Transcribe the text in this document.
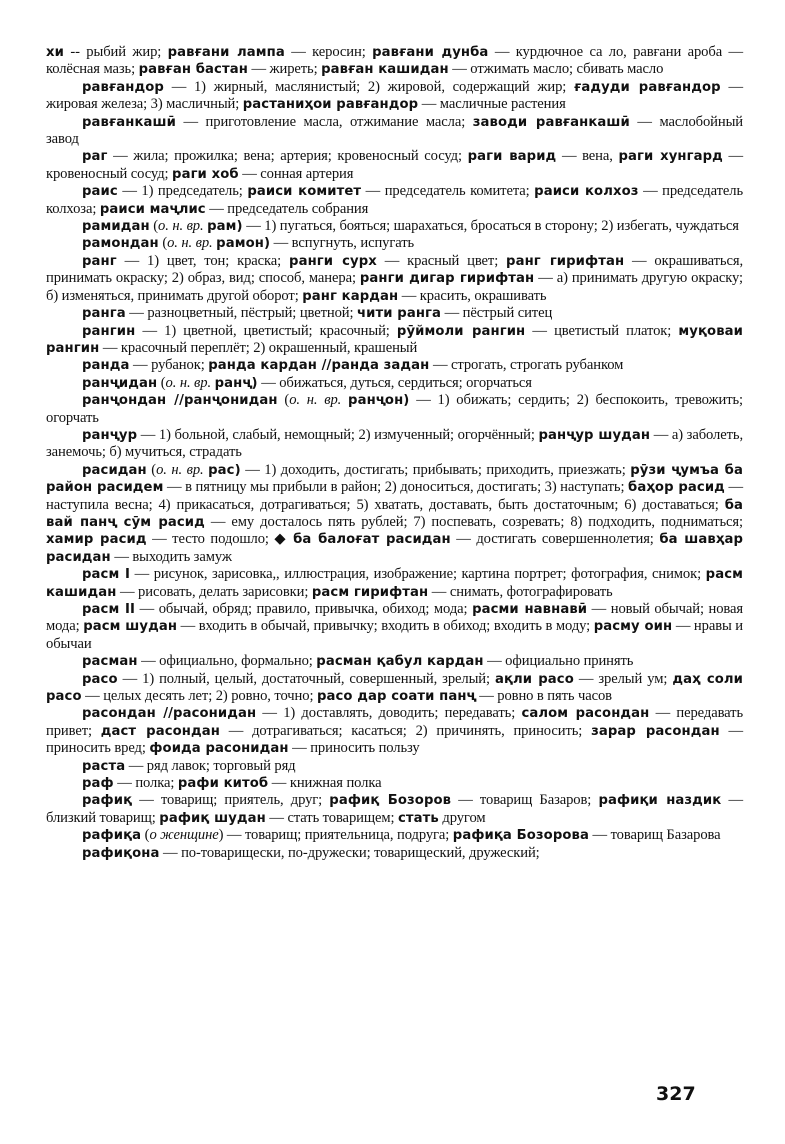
хи -- рыбий жир; равғани лампа — керосин; равғани дунба — курдючное са ло, равғани ароба — колёсная мазь; равған бастан — жиреть; равған кашидан — отжимать масло; сбивать масло

равғандор — 1) жирный, маслянистый; 2) жировой, содержащий жир; ғадуди равғандор — жировая железа; 3) масличный; растаниҳои равғандор — масличные растения

равғанкашӣ — приготовление масла, отжимание масла; заводи равғанкашӣ — маслобойный завод

раг — жила; прожилка; вена; артерия; кровеносный сосуд; раги варид — вена, раги хунгард — кровеносный сосуд; раги хоб — сонная артерия

раис — 1) председатель; раиси комитет — председатель комитета; раиси колхоз — председатель колхоза; раиси маҷлис — председатель собрания

рамидан (о. н. вр. рам) — 1) пугаться, бояться; шарахаться, бросаться в сторону; 2) избегать, чуждаться

рамондан (о. н. вр. рамон) — вспугнуть, испугать

ранг — 1) цвет, тон; краска; ранги сурх — красный цвет; ранг гирифтан — окрашиваться, принимать окраску; 2) образ, вид; способ, манера; ранги дигар гирифтан — а) принимать другую окраску; б) изменяться, принимать другой оборот; ранг кардан — красить, окрашивать

ранга — разноцветный, пёстрый; цветной; чити ранга — пёстрый ситец

рангин — 1) цветной, цветистый; красочный; рӯймоли рангин — цветистый платок; муқоваи рангин — красочный переплёт; 2) окрашенный, крашеный

ранда — рубанок; ранда кардан //ранда задан — строгать, строгать рубанком

ранҷидан (о. н. вр. ранҷ) — обижаться, дуться, сердиться; огорчаться

ранҷондан //ранҷонидан (о. н. вр. ранҷон) — 1) обижать; сердить; 2) беспокоить, тревожить; огорчать

ранҷур — 1) больной, слабый, немощный; 2) измученный; огорчённый; ранҷур шудан — а) заболеть, занемочь; б) мучиться, страдать

расидан (о. н. вр. рас) — 1) доходить, достигать; прибывать; приходить, приезжать; рӯзи ҷумъа ба район расидем — в пятницу мы прибыли в район; 2) доноситься, достигать; 3) наступать; баҳор расид — наступила весна; 4) прикасаться, дотрагиваться; 5) хватать, доставать, быть достаточным; 6) доставаться; ба вай панҷ сӯм расид — ему досталось пять рублей; 7) поспевать, созревать; 8) подходить, подниматься; хамир расид — тесто подошло; ◆ ба балоғат расидан — достигать совершеннолетия; ба шавҳар расидан — выходить замуж

расм I — рисунок, зарисовка,, иллюстрация, изображение; картина портрет; фотография, снимок; расм кашидан — рисовать, делать зарисовки; расм гирифтан — снимать, фотографировать

расм II — обычай, обряд; правило, привычка, обиход; мода; расми навнавӣ — новый обычай; новая мода; расм шудан — входить в обычай, привычку; входить в обиход; входить в моду; расму оин — нравы и обычаи

расман — официально, формально; расман қабул кардан — официально принять

расо — 1) полный, целый, достаточный, совершенный, зрелый; ақли расо — зрелый ум; даҳ соли расо — целых десять лет; 2) ровно, точно; расо дар соати панҷ — ровно в пять часов

расондан //расонидан — 1) доставлять, доводить; передавать; салом расондан — передавать привет; даст расондан — дотрагиваться; касаться; 2) причинять, приносить; зарар расондан — приносить вред; фоида расонидан — приносить пользу

раста — ряд лавок; торговый ряд

раф — полка; рафи китоб — книжная полка

рафиқ — товарищ; приятель, друг; рафиқ Бозоров — товарищ Базаров; рафиқи наздик — близкий товарищ; рафиқ шудан — стать товарищем; стать другом

рафиқа (о женщине) — товарищ; приятельница, подруга; рафиқа Бозорова — товарищ Базарова

рафиқона — по-товарищески, по-дружески; товарищеский, дружеский;

327
